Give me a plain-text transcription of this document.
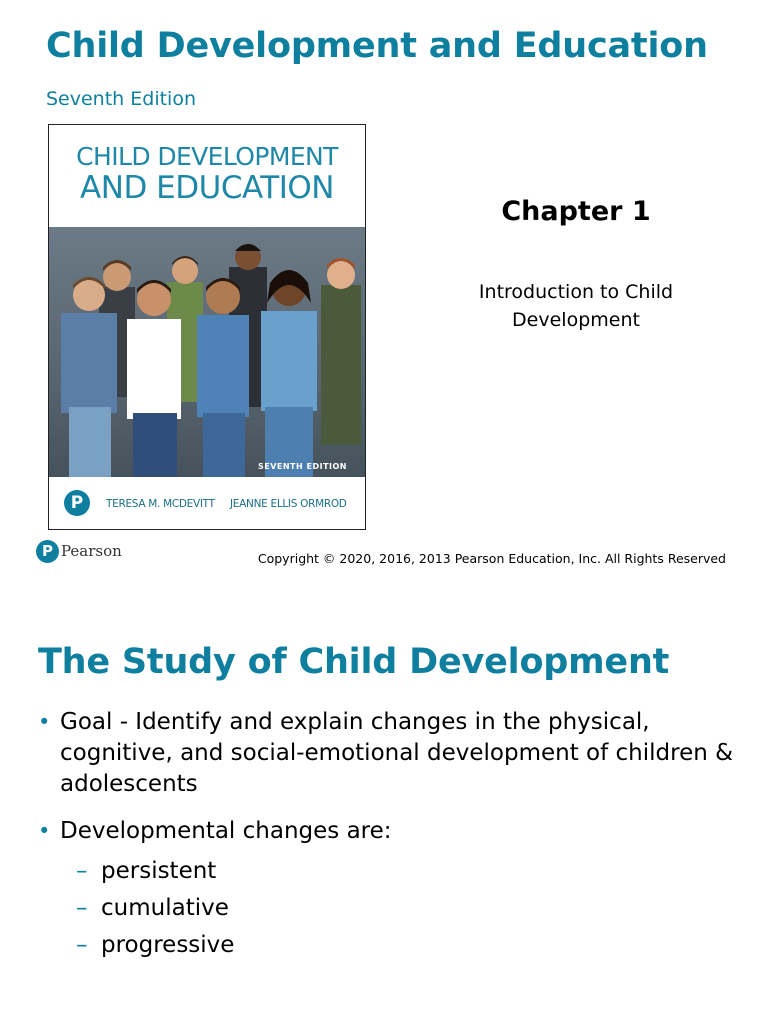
Child Development and Education
Seventh Edition
CHILD DEVELOPMENT
AND EDUCATION
SEVENTH EDITION
P	TERESA M. MCDEVITT JEANNE ELLIS ORMROD
Chapter 1
Introduction to Child
Development
P Pearson	Copyright © 2020, 2016, 2013 Pearson Education, Inc. All Rights Reserved
The Study of Child Development
• Goal - Identify and explain changes in the physical, cognitive, and social-emotional development of children & adolescents
• Developmental changes are:
– persistent
– cumulative
– progressive
